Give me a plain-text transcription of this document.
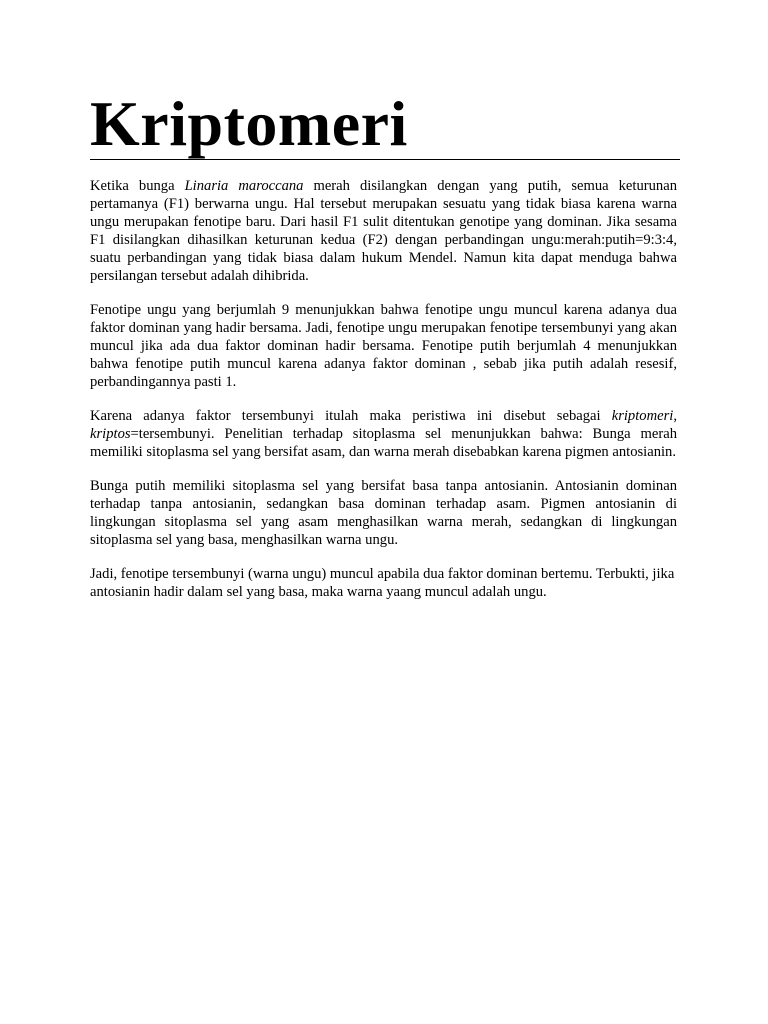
Kriptomeri

Ketika bunga Linaria maroccana merah disilangkan dengan yang putih, semua keturunan pertamanya (F1) berwarna ungu. Hal tersebut merupakan sesuatu yang tidak biasa karena warna ungu merupakan fenotipe baru. Dari hasil F1 sulit ditentukan genotipe yang dominan. Jika sesama F1 disilangkan dihasilkan keturunan kedua (F2) dengan perbandingan ungu:merah:putih=9:3:4, suatu perbandingan yang tidak biasa dalam hukum Mendel. Namun kita dapat menduga bahwa persilangan tersebut adalah dihibrida.

Fenotipe ungu yang berjumlah 9 menunjukkan bahwa fenotipe ungu muncul karena adanya dua faktor dominan yang hadir bersama. Jadi, fenotipe ungu merupakan fenotipe tersembunyi yang akan muncul jika ada dua faktor dominan hadir bersama. Fenotipe putih berjumlah 4 menunjukkan bahwa fenotipe putih muncul karena adanya faktor dominan , sebab jika putih adalah resesif, perbandingannya pasti 1.

Karena adanya faktor tersembunyi itulah maka peristiwa ini disebut sebagai kriptomeri, kriptos=tersembunyi. Penelitian terhadap sitoplasma sel menunjukkan bahwa: Bunga merah memiliki sitoplasma sel yang bersifat asam, dan warna merah disebabkan karena pigmen antosianin.

Bunga putih memiliki sitoplasma sel yang bersifat basa tanpa antosianin. Antosianin dominan terhadap tanpa antosianin, sedangkan basa dominan terhadap asam. Pigmen antosianin di lingkungan sitoplasma sel yang asam menghasilkan warna merah, sedangkan di lingkungan sitoplasma sel yang basa, menghasilkan warna ungu.

Jadi, fenotipe tersembunyi (warna ungu) muncul apabila dua faktor dominan bertemu. Terbukti, jika antosianin hadir dalam sel yang basa, maka warna yaang muncul adalah ungu.
